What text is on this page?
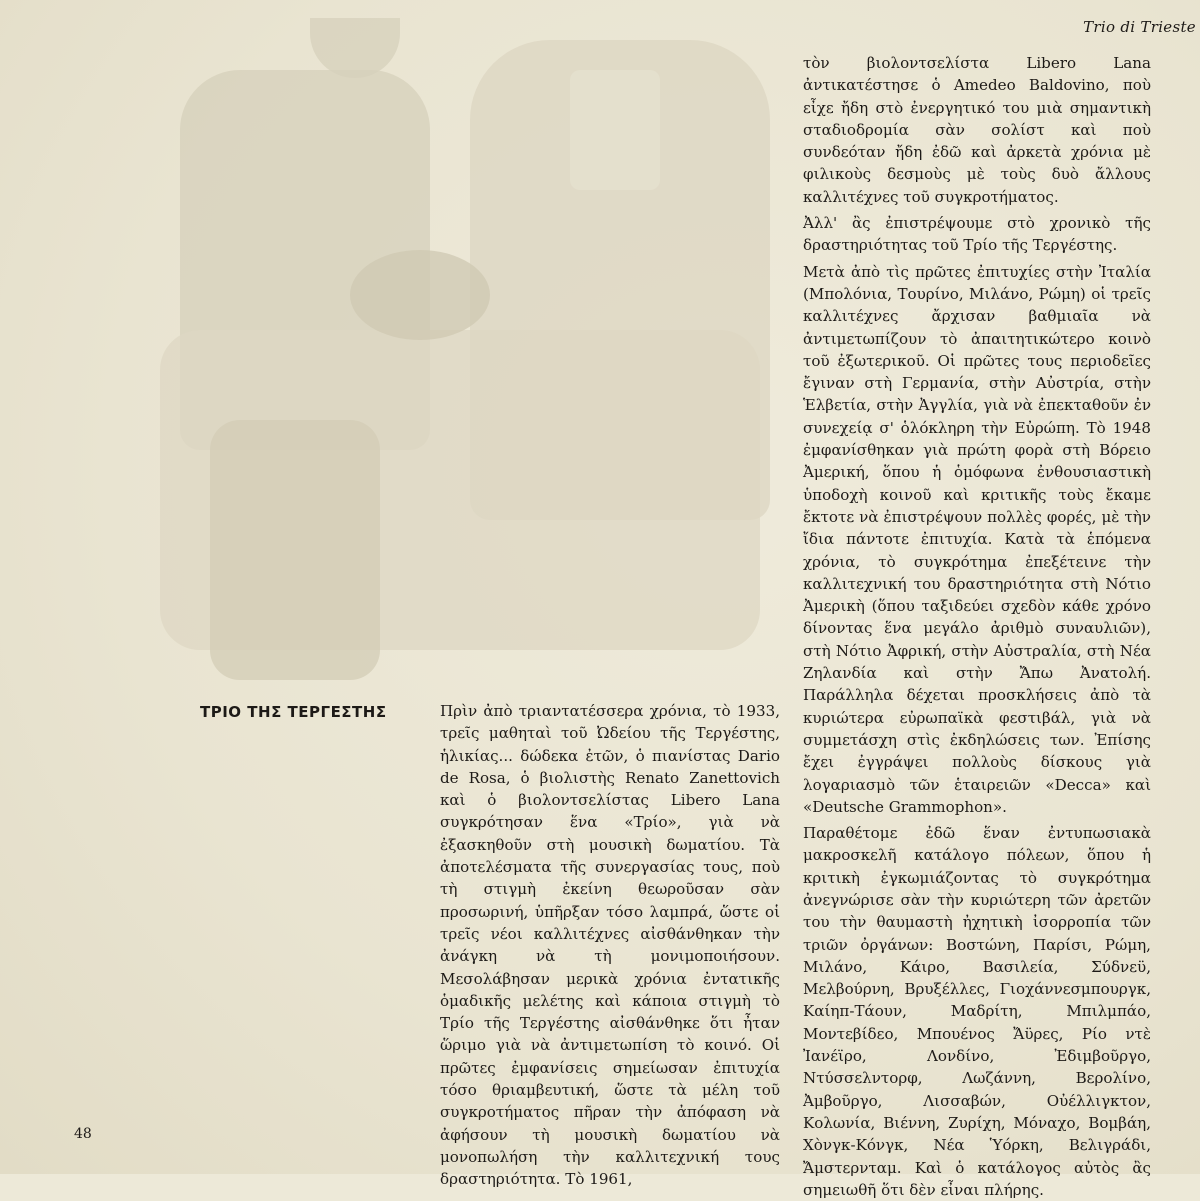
Trio di Trieste
ΤΡΙΟ ΤΗΣ ΤΕΡΓΕΣΤΗΣ	Πρὶν ἀπὸ τριαντατέσσερα χρόνια, τὸ 1933, τρεῖς μαθηταὶ τοῦ Ὠδείου τῆς Τεργέστης, ἡλικίας... δώδεκα ἐτῶν, ὁ πιανίστας Dario de Rosa, ὁ βιολιστὴς Renato Zanettovich καὶ ὁ βιολοντσελίστας Libero Lana συγκρότησαν ἕνα «Τρίο», γιὰ νὰ ἐξασκηθοῦν στὴ μουσικὴ δωματίου. Τὰ ἀποτελέσματα τῆς συνεργασίας τους, ποὺ τὴ στιγμὴ ἐκείνη θεωροῦσαν σὰν προσωρινή, ὑπῆρξαν τόσο λαμπρά, ὥστε οἱ τρεῖς νέοι καλλιτέχνες αἰσθάνθηκαν τὴν ἀνάγκη νὰ τὴ μονιμοποιήσουν. Μεσολάβησαν μερικὰ χρόνια ἐντατικῆς ὁμαδικῆς μελέτης καὶ κάποια στιγμὴ τὸ Τρίο τῆς Τεργέστης αἰσθάνθηκε ὅτι ἦταν ὥριμο γιὰ νὰ ἀντιμετωπίση τὸ κοινό. Οἱ πρῶτες ἐμφανίσεις σημείωσαν ἐπιτυχία τόσο θριαμβευτική, ὥστε τὰ μέλη τοῦ συγκροτήματος πῆραν τὴν ἀπόφαση νὰ ἀφήσουν τὴ μουσικὴ δωματίου νὰ μονοπωλήση τὴν καλλιτεχνική τους δραστηριότητα. Τὸ 1961,

τὸν βιολοντσελίστα Libero Lana ἀντικατέστησε ὁ Amedeo Baldovino, ποὺ εἶχε ἤδη στὸ ἐνεργητικό του μιὰ σημαντικὴ σταδιοδρομία σὰν σολίστ καὶ ποὺ συνδεόταν ἤδη ἐδῶ καὶ ἀρκετὰ χρόνια μὲ φιλικοὺς δεσμοὺς μὲ τοὺς δυὸ ἄλλους καλλιτέχνες τοῦ συγκροτήματος.

Ἀλλ' ἂς ἐπιστρέψουμε στὸ χρονικὸ τῆς δραστηριότητας τοῦ Τρίο τῆς Τεργέστης.

Μετὰ ἀπὸ τὶς πρῶτες ἐπιτυχίες στὴν Ἰταλία (Μπολόνια, Τουρίνο, Μιλάνο, Ρώμη) οἱ τρεῖς καλλιτέχνες ἄρχισαν βαθμιαῖα νὰ ἀντιμετωπίζουν τὸ ἀπαιτητικώτερο κοινὸ τοῦ ἐξωτερικοῦ. Οἱ πρῶτες τους περιοδεῖες ἔγιναν στὴ Γερμανία, στὴν Αὐστρία, στὴν Ἑλβετία, στὴν Ἀγγλία, γιὰ νὰ ἐπεκταθοῦν ἐν συνεχείᾳ σ' ὁλόκληρη τὴν Εὐρώπη. Τὸ 1948 ἐμφανίσθηκαν γιὰ πρώτη φορὰ στὴ Βόρειο Ἀμερική, ὅπου ἡ ὁμόφωνα ἐνθουσιαστικὴ ὑποδοχὴ κοινοῦ καὶ κριτικῆς τοὺς ἔκαμε ἔκτοτε νὰ ἐπιστρέψουν πολλὲς φορές, μὲ τὴν ἴδια πάντοτε ἐπιτυχία. Κατὰ τὰ ἑπόμενα χρόνια, τὸ συγκρότημα ἐπεξέτεινε τὴν καλλιτεχνική του δραστηριότητα στὴ Νότιο Ἀμερικὴ (ὅπου ταξιδεύει σχεδὸν κάθε χρόνο δίνοντας ἕνα μεγάλο ἀριθμὸ συναυλιῶν), στὴ Νότιο Ἀφρική, στὴν Αὐστραλία, στὴ Νέα Ζηλανδία καὶ στὴν Ἄπω Ἀνατολή. Παράλληλα δέχεται προσκλήσεις ἀπὸ τὰ κυριώτερα εὐρωπαϊκὰ φεστιβάλ, γιὰ νὰ συμμετάσχη στὶς ἐκδηλώσεις των. Ἐπίσης ἔχει ἐγγράψει πολλοὺς δίσκους γιὰ λογαριασμὸ τῶν ἑταιρειῶν «Decca» καὶ «Deutsche Grammophon».

Παραθέτομε ἐδῶ ἕναν ἐντυπωσιακὰ μακροσκελῆ κατάλογο πόλεων, ὅπου ἡ κριτικὴ ἐγκωμιάζοντας τὸ συγκρότημα ἀνεγνώρισε σὰν τὴν κυριώτερη τῶν ἀρετῶν του τὴν θαυμαστὴ ἠχητικὴ ἰσορροπία τῶν τριῶν ὀργάνων: Βοστώνη, Παρίσι, Ρώμη, Μιλάνο, Κάιρο, Βασιλεία, Σύδνεϋ, Μελβούρνη, Βρυξέλλες, Γιοχάννεσμπουργκ, Καίηπ-Τάουν, Μαδρίτη, Μπιλμπάο, Μοντεβίδεο, Μπουένος Ἄϋρες, Ρίο ντὲ Ἰανέϊρο, Λονδίνο, Ἐδιμβοῦργο, Ντύσσελντορφ, Λωζάννη, Βερολίνο, Ἀμβοῦργο, Λισσαβών, Οὐέλλιγκτον, Κολωνία, Βιέννη, Ζυρίχη, Μόναχο, Βομβάη, Χὸνγκ-Κόνγκ, Νέα Ὑόρκη, Βελιγράδι, Ἄμστερνταμ. Καὶ ὁ κατάλογος αὐτὸς ἂς σημειωθῆ ὅτι δὲν εἶναι πλήρης.

48
